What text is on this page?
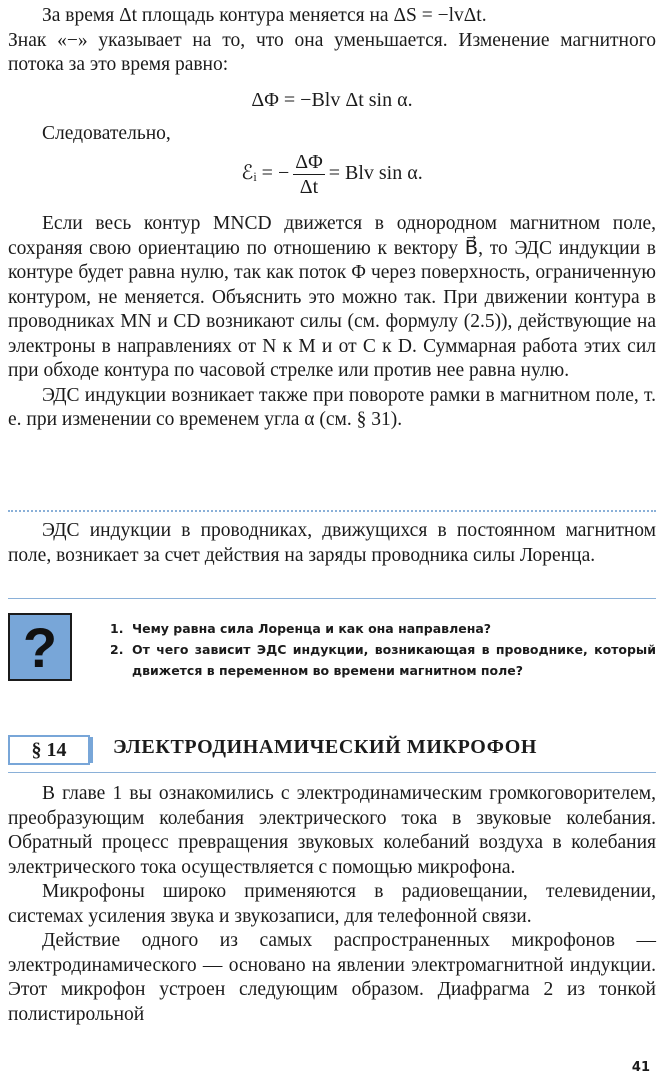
За время Δt площадь контура меняется на ΔS = −lvΔt.

Знак «−» указывает на то, что она уменьшается. Изменение магнитного потока за это время равно:

ΔΦ = −Blv Δt sin α.

Следовательно,

ℰᵢ = − $\frac{\Delta\Phi}{\Delta t}$ = Blv sin α.

Если весь контур MNCD движется в однородном магнитном поле, сохраняя свою ориентацию по отношению к вектору B⃗, то ЭДС индукции в контуре будет равна нулю, так как поток Φ через поверхность, ограниченную контуром, не меняется. Объяснить это можно так. При движении контура в проводниках MN и CD возникают силы (см. формулу (2.5)), действующие на электроны в направлениях от N к M и от C к D. Суммарная работа этих сил при обходе контура по часовой стрелке или против нее равна нулю.

ЭДС индукции возникает также при повороте рамки в магнитном поле, т. е. при изменении со временем угла α (см. § 31).

ЭДС индукции в проводниках, движущихся в постоянном магнитном поле, возникает за счет действия на заряды проводника силы Лоренца.

?	1. Чему равна сила Лоренца и как она направлена?
2. От чего зависит ЭДС индукции, возникающая в проводнике, который движется в переменном во времени магнитном поле?
§ 14 ЭЛЕКТРОДИНАМИЧЕСКИЙ МИКРОФОН

В главе 1 вы ознакомились с электродинамическим громкоговорителем, преобразующим колебания электрического тока в звуковые колебания. Обратный процесс превращения звуковых колебаний воздуха в колебания электрического тока осуществляется с помощью микрофона.

Микрофоны широко применяются в радиовещании, телевидении, системах усиления звука и звукозаписи, для телефонной связи.

Действие одного из самых распространенных микрофонов — электродинамического — основано на явлении электромагнитной индукции. Этот микрофон устроен следующим образом. Диафрагма 2 из тонкой полистирольной

41
